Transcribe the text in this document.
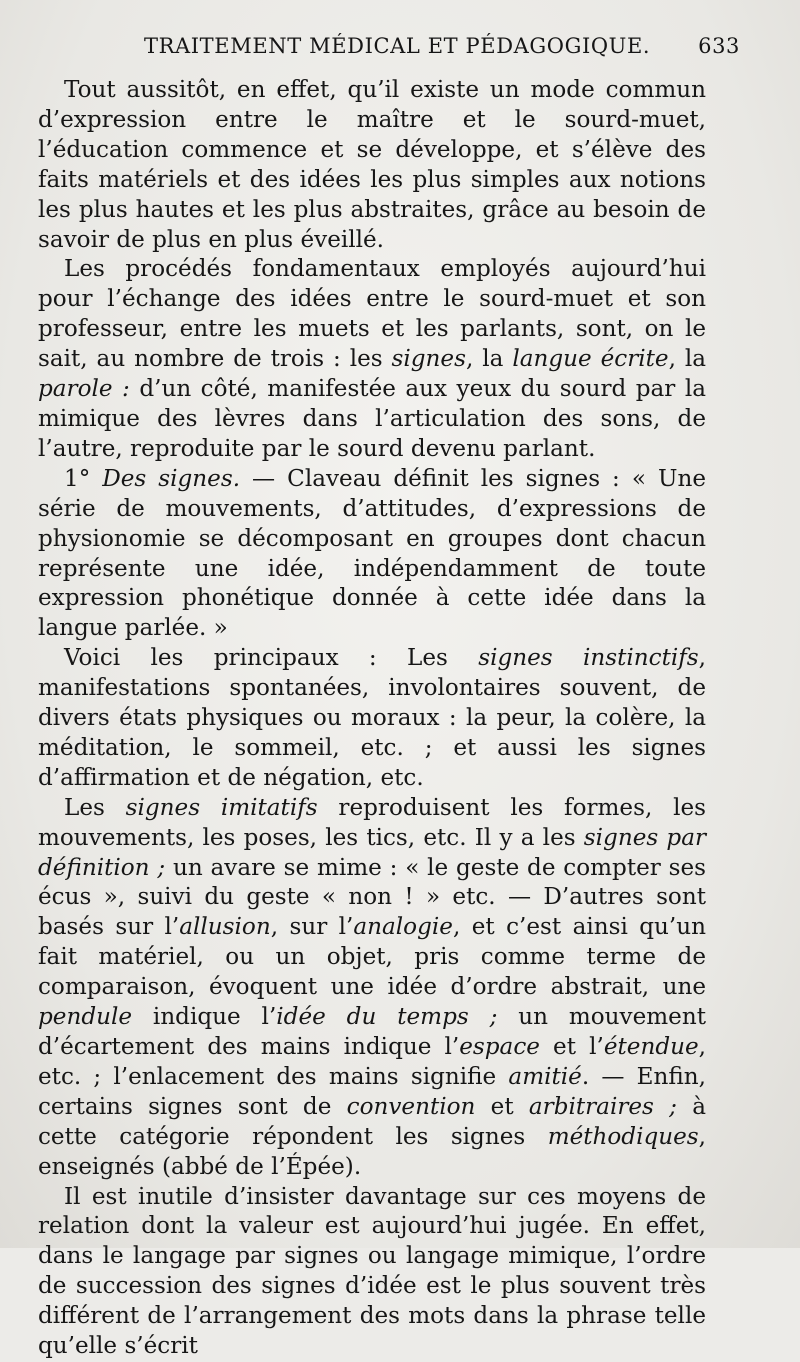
TRAITEMENT MÉDICAL ET PÉDAGOGIQUE. 633

Tout aussitôt, en effet, qu’il existe un mode commun d’expression entre le maître et le sourd-muet, l’éducation commence et se développe, et s’élève des faits matériels et des idées les plus simples aux notions les plus hautes et les plus abstraites, grâce au besoin de savoir de plus en plus éveillé.

Les procédés fondamentaux employés aujourd’hui pour l’échange des idées entre le sourd-muet et son professeur, entre les muets et les parlants, sont, on le sait, au nombre de trois : les signes, la langue écrite, la parole : d’un côté, manifestée aux yeux du sourd par la mimique des lèvres dans l’articulation des sons, de l’autre, reproduite par le sourd devenu parlant.

1° Des signes. — Claveau définit les signes : « Une série de mouvements, d’attitudes, d’expressions de physionomie se décomposant en groupes dont chacun représente une idée, indépendamment de toute expression phonétique donnée à cette idée dans la langue parlée. »

Voici les principaux : Les signes instinctifs, manifestations spontanées, involontaires souvent, de divers états physiques ou moraux : la peur, la colère, la méditation, le sommeil, etc. ; et aussi les signes d’affirmation et de négation, etc.

Les signes imitatifs reproduisent les formes, les mouvements, les poses, les tics, etc. Il y a les signes par définition ; un avare se mime : « le geste de compter ses écus », suivi du geste « non ! » etc. — D’autres sont basés sur l’allusion, sur l’analogie, et c’est ainsi qu’un fait matériel, ou un objet, pris comme terme de comparaison, évoquent une idée d’ordre abstrait, une pendule indique l’idée du temps ; un mouvement d’écartement des mains indique l’espace et l’étendue, etc. ; l’enlacement des mains signifie amitié. — Enfin, certains signes sont de convention et arbitraires ; à cette catégorie répondent les signes méthodiques, enseignés (abbé de l’Épée).

Il est inutile d’insister davantage sur ces moyens de relation dont la valeur est aujourd’hui jugée. En effet, dans le langage par signes ou langage mimique, l’ordre de succession des signes d’idée est le plus souvent très différent de l’arrangement des mots dans la phrase telle qu’elle s’écrit
